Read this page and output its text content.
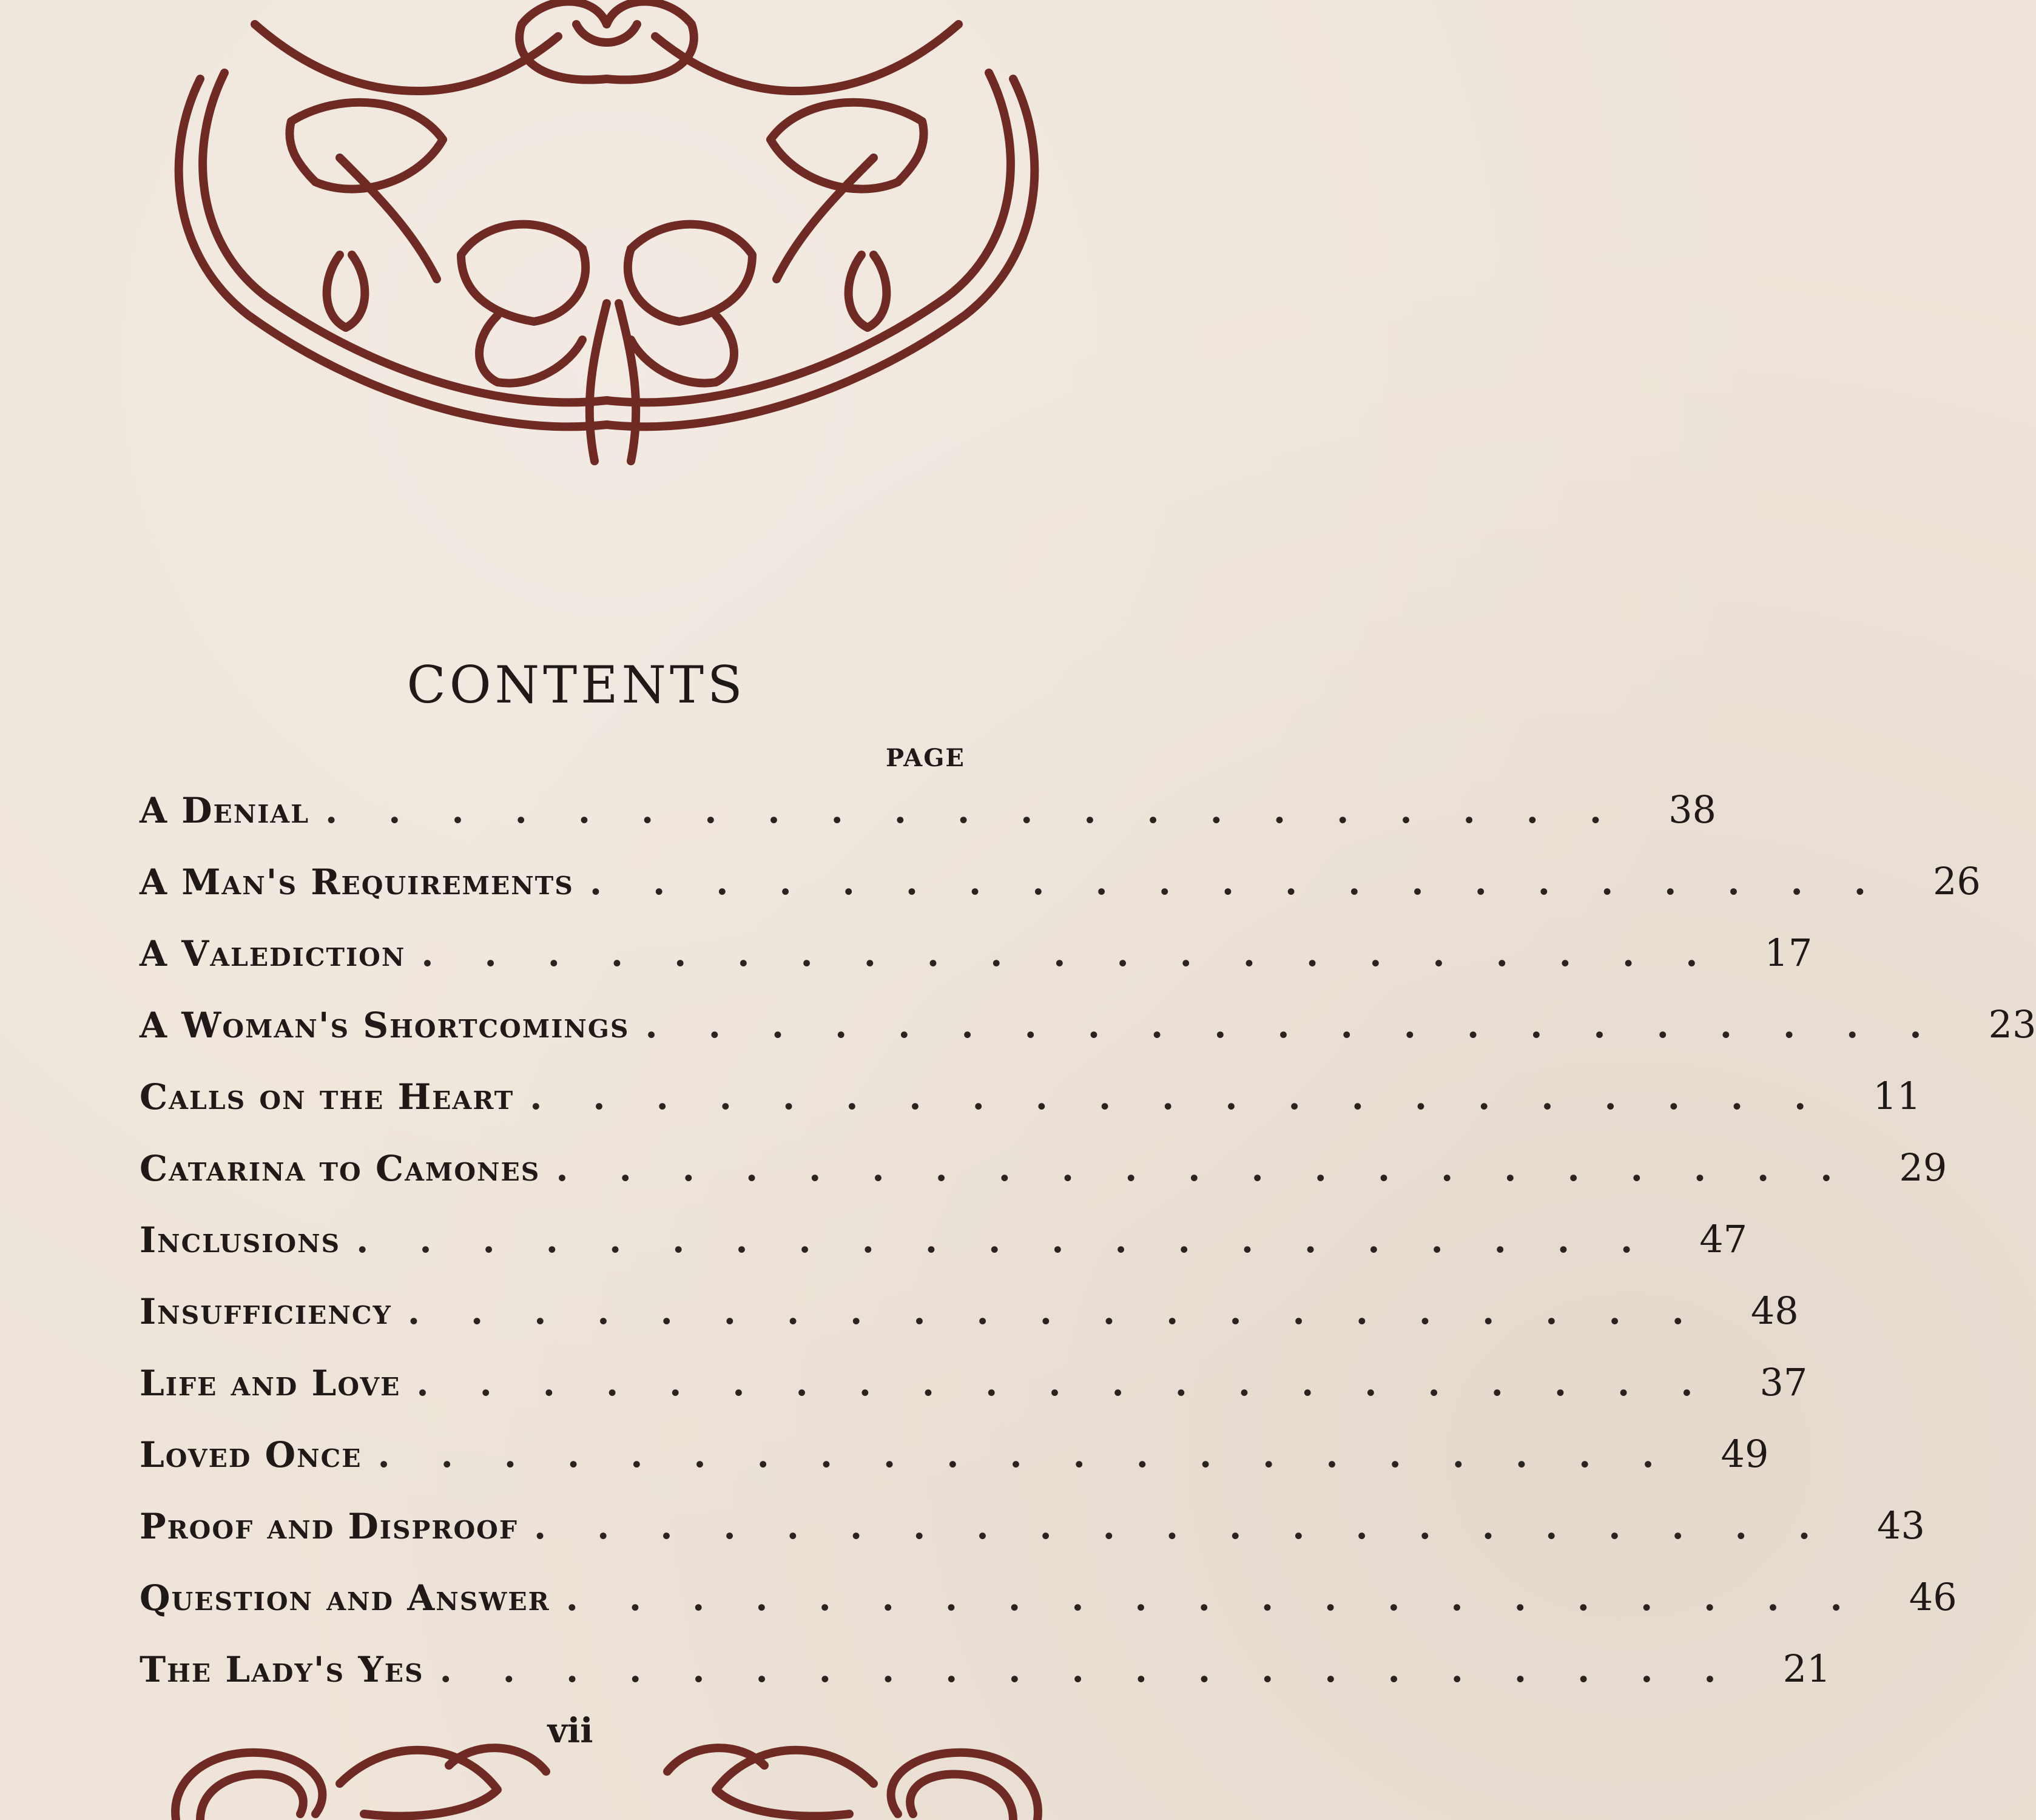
CONTENTS
PAGE
A Denial ..................... 38
A Man's Requirements ..................... 26
A Valediction ..................... 17
A Woman's Shortcomings ..................... 23
Calls on the Heart ..................... 11
Catarina to Camones ..................... 29
Inclusions ..................... 47
Insufficiency ..................... 48
Life and Love ..................... 37
Loved Once ..................... 49
Proof and Disproof ..................... 43
Question and Answer ..................... 46
The Lady's Yes ..................... 21
vii
